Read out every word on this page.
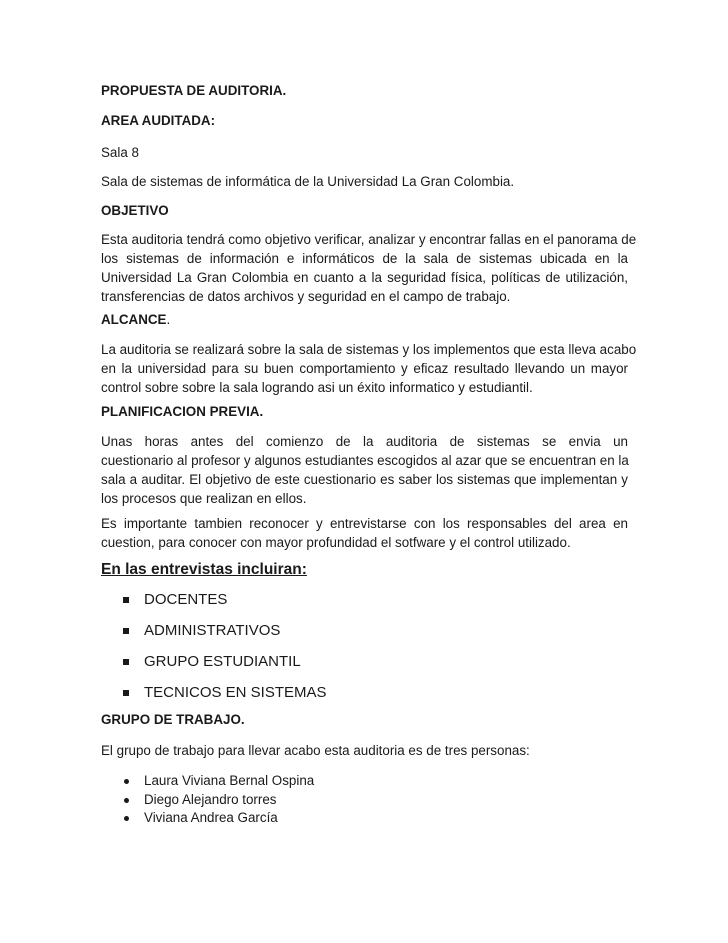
PROPUESTA DE AUDITORIA.
AREA AUDITADA:
Sala 8
Sala de sistemas de informática de la Universidad La Gran Colombia.
OBJETIVO
Esta auditoria tendrá como objetivo verificar, analizar y encontrar fallas en el panorama de
los sistemas de información e informáticos de la sala de sistemas ubicada en la
Universidad La Gran Colombia en cuanto a la seguridad física, políticas de utilización,
transferencias de datos archivos y seguridad en el campo de trabajo.
ALCANCE.
La auditoria se realizará sobre la sala de sistemas y los implementos que esta lleva acabo
en la universidad para su buen comportamiento y eficaz resultado llevando un mayor
control sobre sobre la sala logrando asi un éxito informatico y estudiantil.
PLANIFICACION PREVIA.
Unas horas antes del comienzo de la auditoria de sistemas se envia un
cuestionario al profesor y algunos estudiantes escogidos al azar que se encuentran en la
sala a auditar. El objetivo de este cuestionario es saber los sistemas que implementan y
los procesos que realizan en ellos.
Es importante tambien reconocer y entrevistarse con los responsables del area en
cuestion, para conocer con mayor profundidad el sotfware y el control utilizado.
En las entrevistas incluiran:
DOCENTES
ADMINISTRATIVOS
GRUPO ESTUDIANTIL
TECNICOS EN SISTEMAS
GRUPO DE TRABAJO.
El grupo de trabajo para llevar acabo esta auditoria es de tres personas:
Laura Viviana Bernal Ospina
Diego Alejandro torres
Viviana Andrea García
